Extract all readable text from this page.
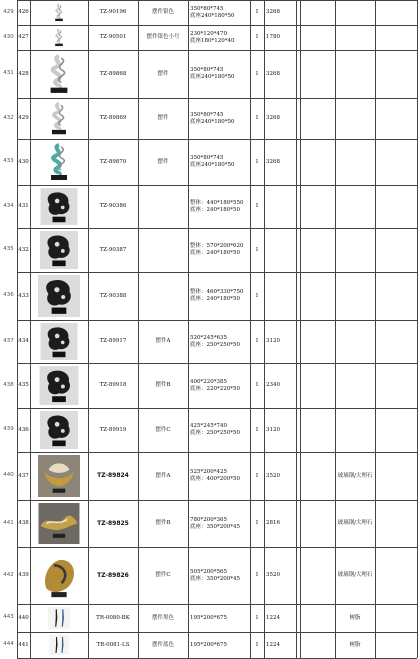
429 426	TZ-90196	摆件银色
350*80*745
底座240*180*50
1	3268
430 427	TZ-90501	摆件银色小号
230*120*470
底座180*120*40
1	1780
431 428	TZ-89868	摆件
350*80*745
底座240*180*50
1	3268
432 429	TZ-89869	摆件
350*80*745
底座240*180*50
1	3268
433 430	TZ-89870	摆件
350*80*745
底座240*180*50
1	3268
434 431	TZ-90386
整体：440*180*550
底座：240*180*50
1
435 432	TZ-90387
整体：570*200*620
底座：240*180*50
1
436 433	TZ-90388
整体：460*330*750
底座：240*180*50
1
437 434	TZ-89917	摆件A
520*245*635
底座：250*250*50
1	3120
438 435	TZ-89918	摆件B
400*220*385
底座：220*220*50
1	2340
439 436	TZ-89919	摆件C
425*245*740
底座：250*250*50
1	3120
440 437	TZ-89824	摆件A
525*200*425
底座：400*200*50
1	3520	玻璃钢/大理石
441 438	TZ-89825	摆件B
780*200*365
底座：350*200*45
1	2816	玻璃钢/大理石
442 439	TZ-89826	摆件C
505*200*565
底座：350*200*45
1	3520	玻璃钢/大理石
443 440	TR-0080-BK	摆件黑色	195*200*675	1	1224	树脂
444 441	TR-0081-LS	摆件蓝色	195*200*675	1	1224	树脂
